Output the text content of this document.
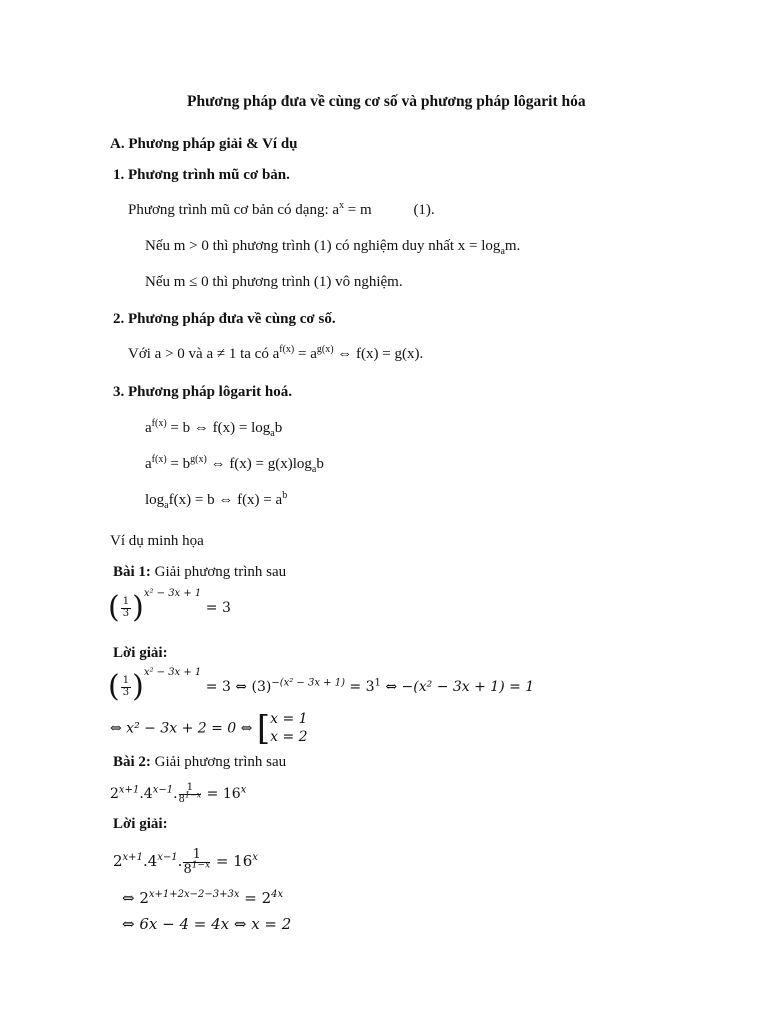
Phương pháp đưa về cùng cơ số và phương pháp lôgarit hóa
A. Phương pháp giải & Ví dụ
1. Phương trình mũ cơ bản.
Phương trình mũ cơ bản có dạng: $a^x = m$	(1).
Nếu m > 0 thì phương trình (1) có nghiệm duy nhất $x = \log_am$.
Nếu m ≤ 0 thì phương trình (1) vô nghiệm.
2. Phương pháp đưa về cùng cơ số.
Với a > 0 và a ≠ 1 ta có $a^{f(x)} = a^{g(x)}$ ⇔ f(x) = g(x).
3. Phương pháp lôgarit hoá.
$a^{f(x)} = b$ ⇔ $f(x) = \log_ab$
$a^{f(x)} = b^{g(x)}$ ⇔ $f(x) = g(x)\log_ab$
$\log_af(x) = b$ ⇔ $f(x) = a^b$
Ví dụ minh họa
Bài 1: Giải phương trình sau
( $\frac{1}{3} )^{x^2 - 3x + 1} = 3$
Lời giải:
( $\frac{1}{3} )^{x^2 - 3x + 1} = 3$ ⇔ $(3)^{-(x^2 - 3x + 1)} = 3^1$ ⇔ −(x² − 3x + 1) = 1
⇔ x² − 3x + 2 = 0 ⇔ [ x = 1
x = 2
Bài 2: Giải phương trình sau
$2^{x+1}.4^{x-1}$. $\frac{1}{8^{1-x}} = 16^x$
Lời giải:
$2^{x+1}.4^{x-1}$. $\frac{1}{8^{1-x}} = 16^x$
⇔ $2^{x+1+2x-2-3+3x} = 2^{4x}$
⇔ 6x − 4 = 4x ⇔ x = 2
